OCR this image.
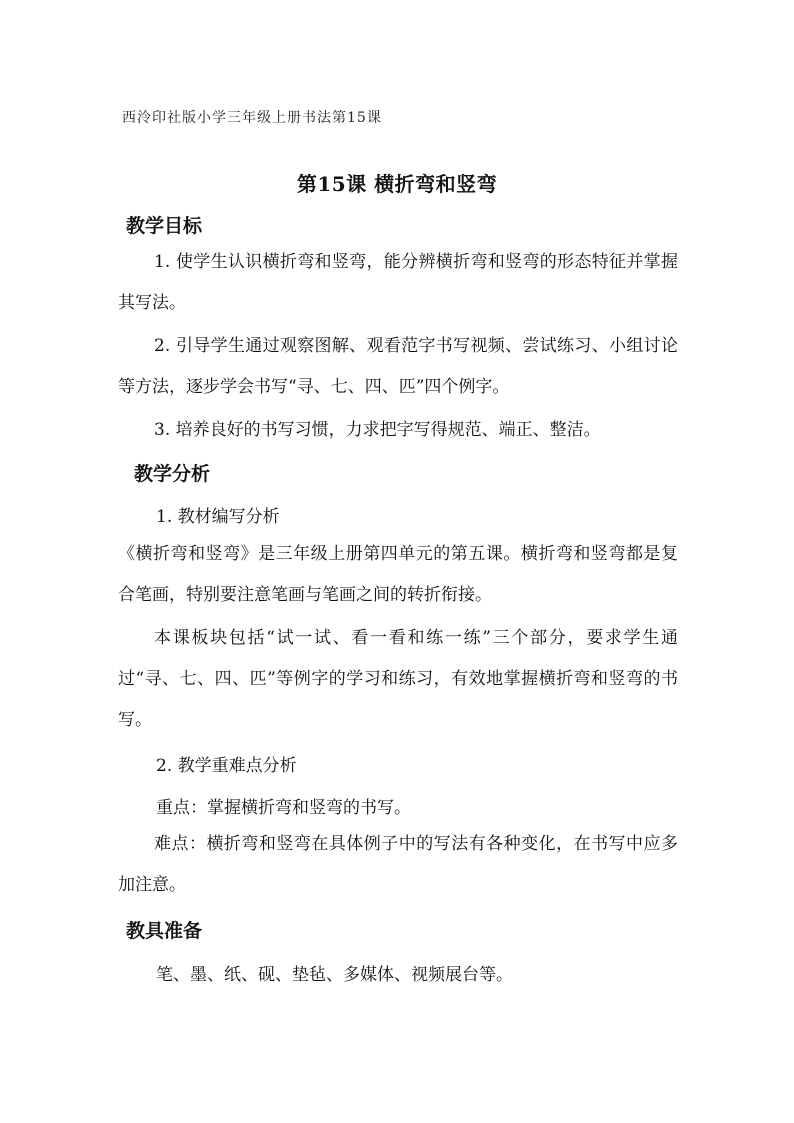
西泠印社版小学三年级上册书法第15课
第15课 横折弯和竖弯
教学目标
1. 使学生认识横折弯和竖弯，能分辨横折弯和竖弯的形态特征并掌握其写法。
2. 引导学生通过观察图解、观看范字书写视频、尝试练习、小组讨论等方法，逐步学会书写“寻、七、四、匹”四个例字。
3. 培养良好的书写习惯，力求把字写得规范、端正、整洁。
教学分析
1. 教材编写分析
《横折弯和竖弯》是三年级上册第四单元的第五课。横折弯和竖弯都是复合笔画，特别要注意笔画与笔画之间的转折衔接。
本课板块包括“试一试、看一看和练一练”三个部分，要求学生通过“寻、七、四、匹”等例字的学习和练习，有效地掌握横折弯和竖弯的书写。
2. 教学重难点分析
重点：掌握横折弯和竖弯的书写。
难点：横折弯和竖弯在具体例子中的写法有各种变化，在书写中应多加注意。
教具准备
笔、墨、纸、砚、垫毡、多媒体、视频展台等。
